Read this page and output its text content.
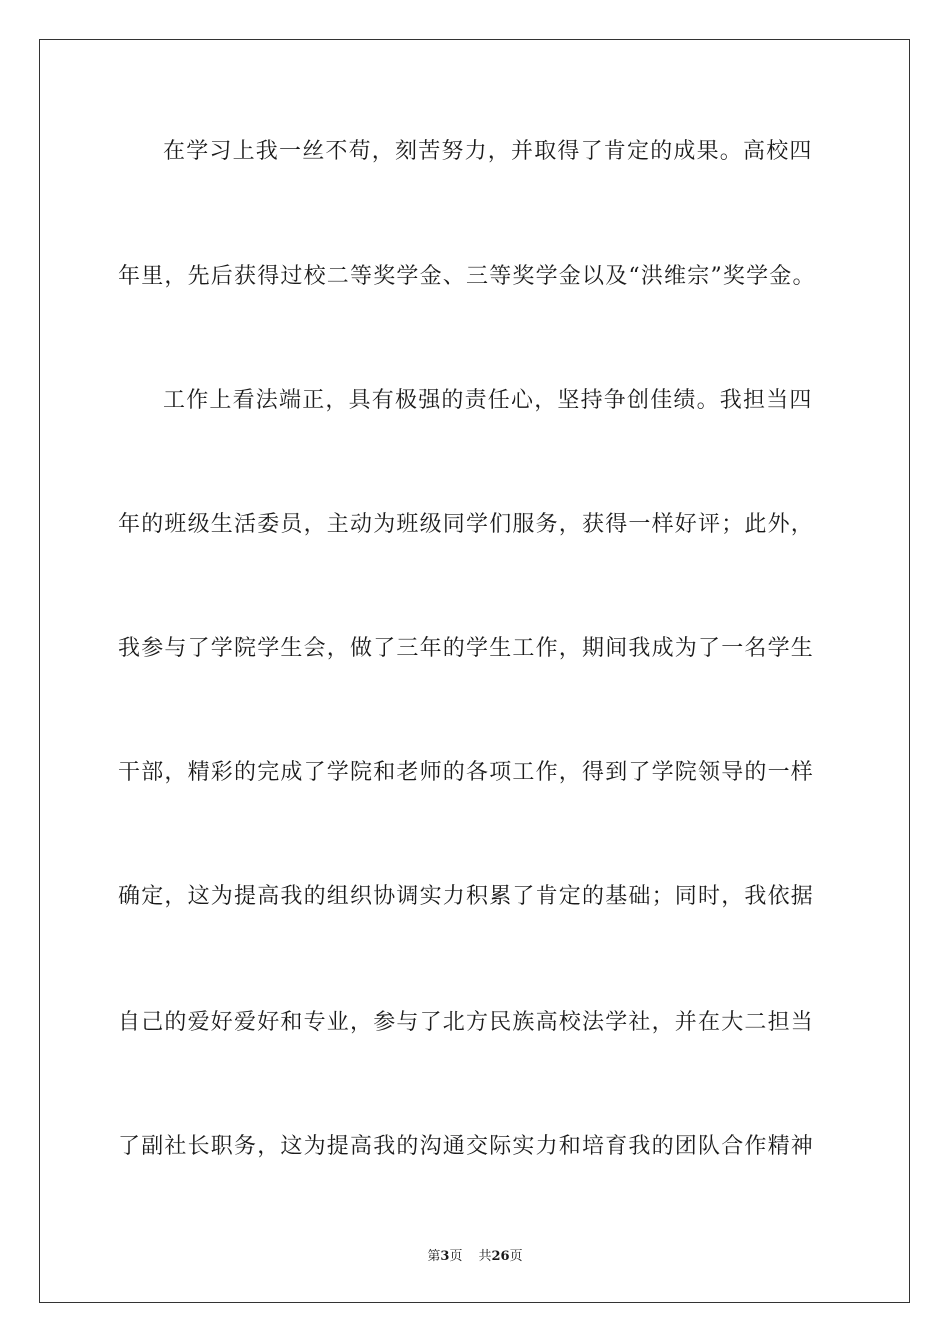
在学习上我一丝不苟，刻苦努力，并取得了肯定的成果。高校四
年里，先后获得过校二等奖学金、三等奖学金以及“洪维宗”奖学金。
工作上看法端正，具有极强的责任心，坚持争创佳绩。我担当四
年的班级生活委员，主动为班级同学们服务，获得一样好评；此外，
我参与了学院学生会，做了三年的学生工作，期间我成为了一名学生
干部，精彩的完成了学院和老师的各项工作，得到了学院领导的一样
确定，这为提高我的组织协调实力积累了肯定的基础；同时，我依据
自己的爱好爱好和专业，参与了北方民族高校法学社，并在大二担当
了副社长职务，这为提高我的沟通交际实力和培育我的团队合作精神
第3页 共26页
